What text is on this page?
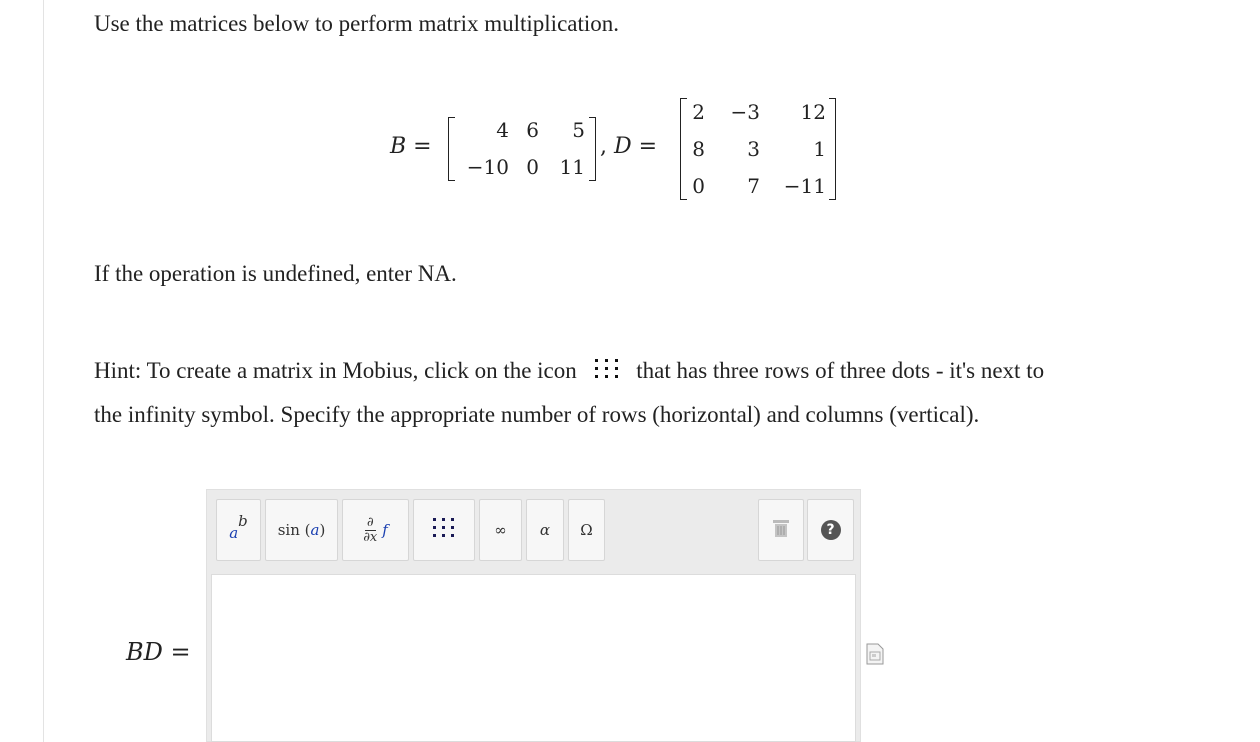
Use the matrices below to perform matrix multiplication.
B =
4 6	5
−10 0	11
, D =
2	−3	12
8	3	1
0	7	−11
If the operation is undefined, enter NA.
Hint: To create a matrix in Mobius, click on the icon	that has three rows of three dots - it's next to
the infinity symbol. Specify the appropriate number of rows (horizontal) and columns (vertical).
BD =
$a^b$ sin (a)	∂
∂x f	∞ α Ω	?
